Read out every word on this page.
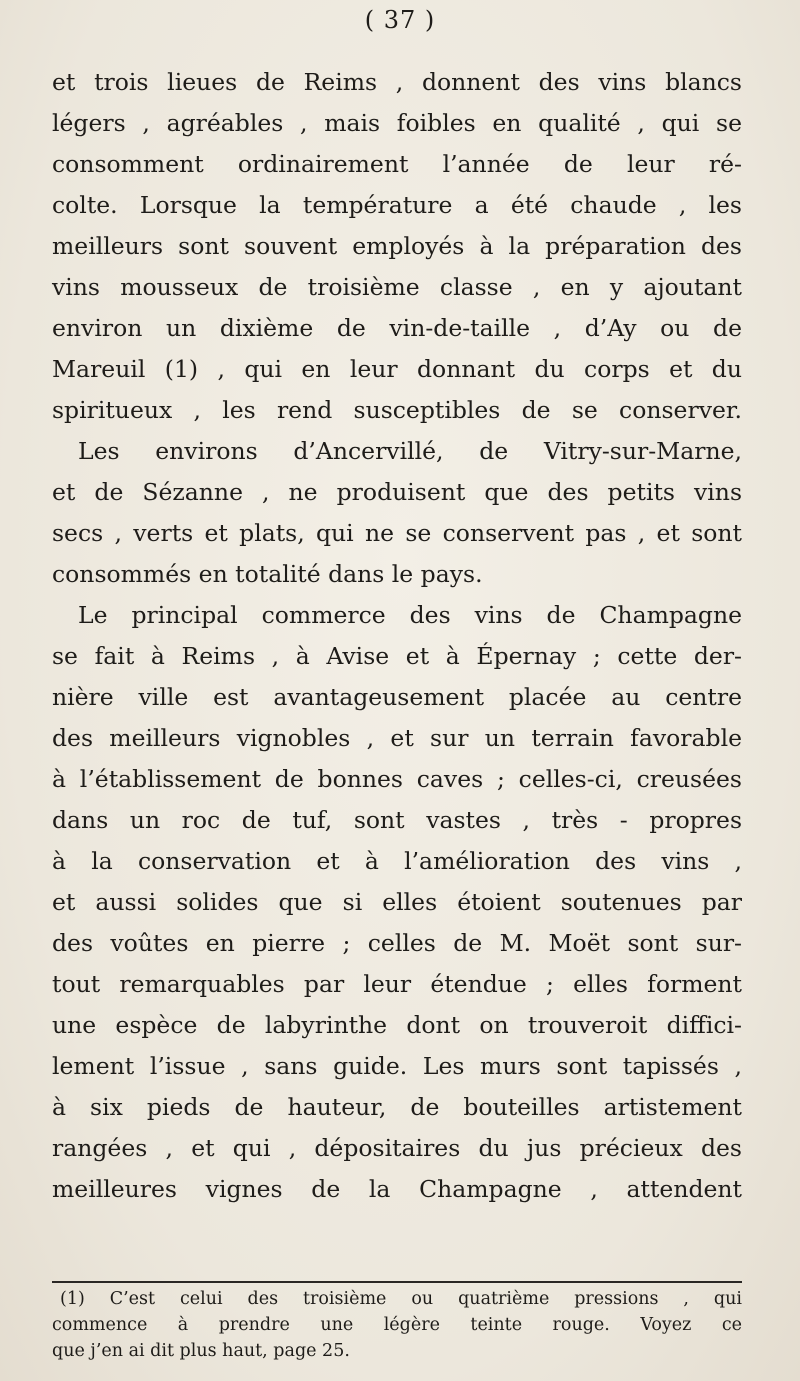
( 37 )
et trois lieues de Reims , donnent des vins blancs
légers , agréables , mais foibles en qualité , qui se
consomment ordinairement l’année de leur ré-
colte. Lorsque la température a été chaude , les
meilleurs sont souvent employés à la préparation des
vins mousseux de troisième classe , en y ajoutant
environ un dixième de vin-de-taille , d’Ay ou de
Mareuil (1) , qui en leur donnant du corps et du
spiritueux , les rend susceptibles de se conserver.
Les environs d’Ancervillé, de Vitry-sur-Marne,
et de Sézanne , ne produisent que des petits vins
secs , verts et plats, qui ne se conservent pas , et sont
consommés en totalité dans le pays.
Le principal commerce des vins de Champagne
se fait à Reims , à Avise et à Épernay ; cette der-
nière ville est avantageusement placée au centre
des meilleurs vignobles , et sur un terrain favorable
à l’établissement de bonnes caves ; celles-ci, creusées
dans un roc de tuf, sont vastes , très - propres
à la conservation et à l’amélioration des vins ,
et aussi solides que si elles étoient soutenues par
des voûtes en pierre ; celles de M. Moët sont sur-
tout remarquables par leur étendue ; elles forment
une espèce de labyrinthe dont on trouveroit diffici-
lement l’issue , sans guide. Les murs sont tapissés ,
à six pieds de hauteur, de bouteilles artistement
rangées , et qui , dépositaires du jus précieux des
meilleures vignes de la Champagne , attendent
(1) C’est celui des troisième ou quatrième pressions , qui
commence à prendre une légère teinte rouge. Voyez ce
que j’en ai dit plus haut, page 25.
